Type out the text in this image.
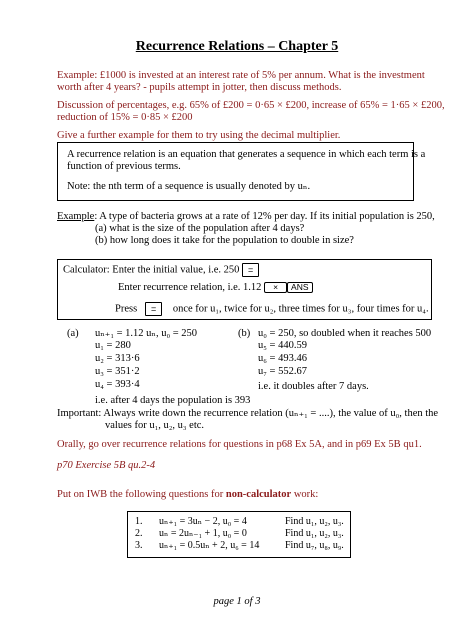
Recurrence Relations – Chapter 5
Example: £1000 is invested at an interest rate of 5% per annum. What is the investment
worth after 4 years? - pupils attempt in jotter, then discuss methods.
Discussion of percentages, e.g. 65% of £200 = 0·65 × £200, increase of 65% = 1·65 × £200,
reduction of 15% = 0·85 × £200
Give a further example for them to try using the decimal multiplier.
A recurrence relation is an equation that generates a sequence in which each term is a
function of previous terms.
Note: the nth term of a sequence is usually denoted by uₙ.
Example: A type of bacteria grows at a rate of 12% per day. If its initial population is 250,
(a) what is the size of the population after 4 days?
(b) how long does it take for the population to double in size?
Calculator: Enter the initial value, i.e. 250 =
Enter recurrence relation, i.e. 1.12 × ANS
Press = once for u₁, twice for u₂, three times for u₃, four times for u₄.
(a) uₙ₊₁ = 1.12 uₙ, u₀ = 250
u₁ = 280
u₂ = 313·6
u₃ = 351·2
u₄ = 393·4
i.e. after 4 days the population is 393
(b) u₀ = 250, so doubled when it reaches 500
u₅ = 440.59
u₆ = 493.46
u₇ = 552.67
i.e. it doubles after 7 days.
Important: Always write down the recurrence relation (uₙ₊₁ = ....), the value of u₀, then the
values for u₁, u₂, u₃ etc.
Orally, go over recurrence relations for questions in p68 Ex 5A, and in p69 Ex 5B qu1.
p70 Exercise 5B qu.2-4
Put on IWB the following questions for non-calculator work:
1.	uₙ₊₁ = 3uₙ − 2, u₀ = 4	Find u₁, u₂, u₃.
2.	uₙ = 2uₙ₋₁ + 1, u₀ = 0	Find u₁, u₂, u₃.
3.	uₙ₊₁ = 0.5uₙ + 2, u₆ = 14	Find u₇, u₈, u₉.
page 1 of 3
